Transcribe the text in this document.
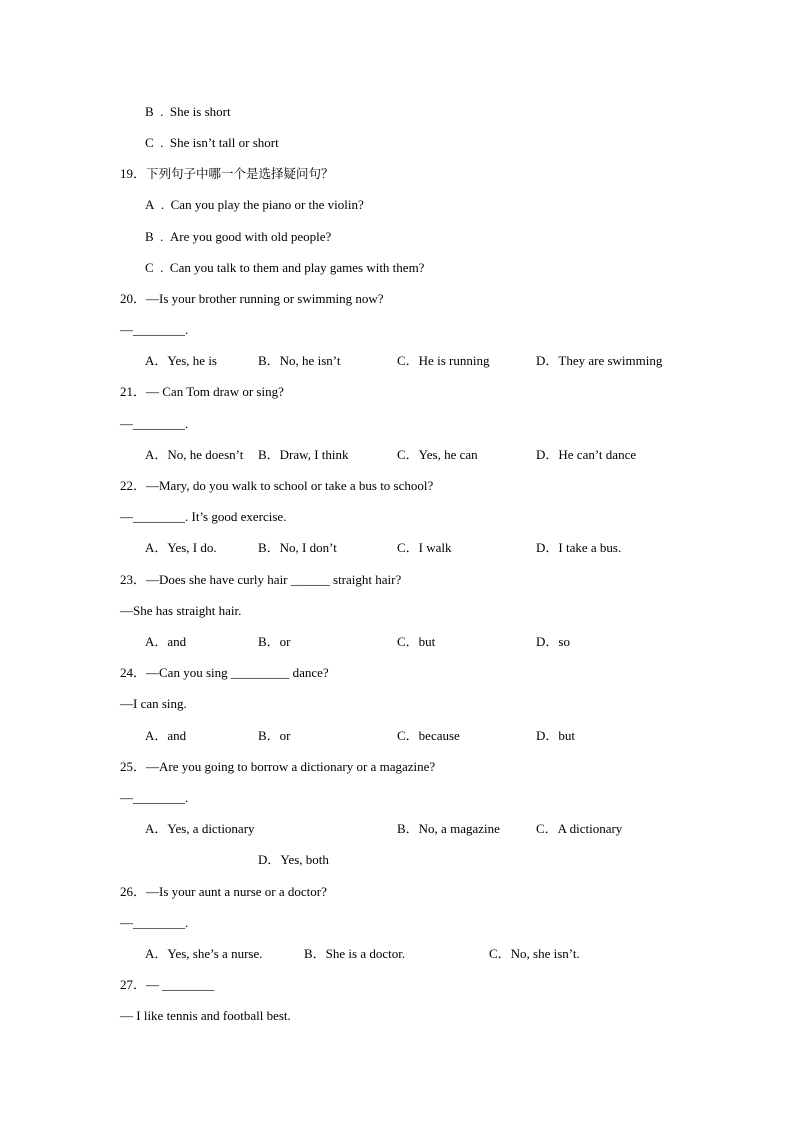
B . She is short
C . She isn’t tall or short
19．下列句子中哪一个是选择疑问句？
A . Can you play the piano or the violin?
B . Are you good with old people?
C . Can you talk to them and play games with them?
20．—Is your brother running or swimming now?
—________.
A．Yes, he is	B．No, he isn’t	C．He is running	D．They are swimming
21．— Can Tom draw or sing?
—________.
A．No, he doesn’t B．Draw, I think	C．Yes, he can	D．He can’t dance
22．—Mary, do you walk to school or take a bus to school?
—________. It’s good exercise.
A．Yes, I do.	B．No, I don’t	C．I walk	D．I take a bus.
23．—Does she have curly hair ______ straight hair?
—She has straight hair.
A．and	B．or	C．but	D．so
24．—Can you sing _________ dance?
—I can sing.
A．and	B．or	C．because	D．but
25．—Are you going to borrow a dictionary or a magazine?
—________.
A．Yes, a dictionary	B．No, a magazine	C．A dictionary
D．Yes, both
26．—Is your aunt a nurse or a doctor?
—________.
A．Yes, she’s a nurse.	B．She is a doctor.	C．No, she isn’t.
27．— ________
— I like tennis and football best.
